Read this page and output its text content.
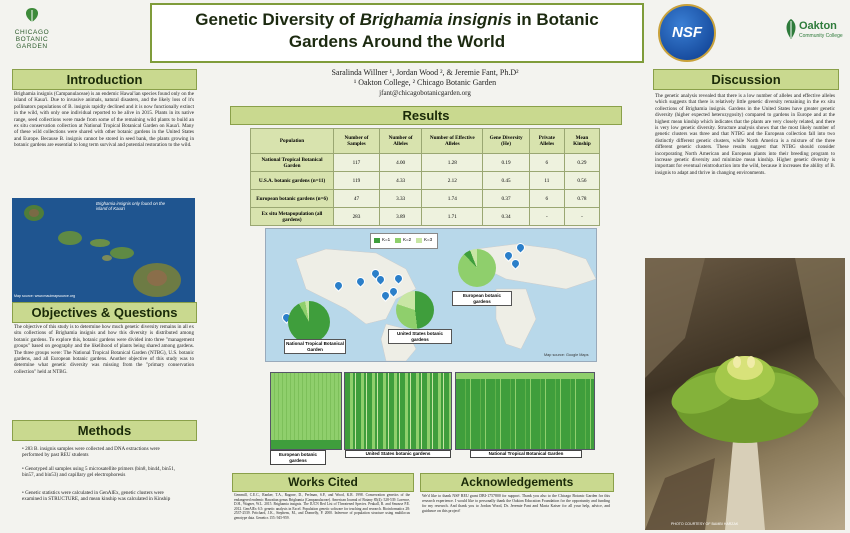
CHICAGO
BOTANIC
GARDEN
Genetic Diversity of Brighamia insignis in Botanic
Gardens Around the World	NSF	Oakton
Community College
Introduction
Brighamia insignis (Campanulaceae) is an endemic Hawai'ian species found only on the island of Kaua'i. Due to invasive animals, natural disasters, and the likely loss of it's pollinators populations of B. insignis rapidly declined and it is now functionally extinct in the wild, with only one individual reported to be alive in 2015. Plants in its native range, seed collections were made from some of the remaining wild plants to build an ex situ conservation collection at National Tropical Botanical Garden on Kaua'i. Many of these wild collections were shared with other botanic gardens in the United States and Europe. Because B. insignis cannot be stored in seed bank, the plants growing in botanic gardens are essential to long term survival and potential restoration to the wild.
Brighamia insignis only found on the island of Kaua'i
Map source: www.mauimapsource.org
Objectives & Questions
The objective of this study is to determine how much genetic diversity remains in all ex situ collections of Brighamia insignis and how this diversity is distributed among botanic gardens. To explore this, botanic gardens were divided into three "management groups" based on geography and the likelihood of plants being shared among gardens. The three groups were: The National Tropical Botanical Garden (NTBG), U.S. botanic gardens, and all European botanic gardens. Another objective of this study was to determine what genetic diversity was missing from the "primary conservation collection" held at NTBG.
Methods
• 283 B. insignis samples were collected and DNA extractions were performed by past REU students
• Genotyped all samples using 5 microsatellite primers (bin8, bin44, bin51, bin57, and bin53) and capillary gel electrophoresis
• Genetic statistics were calculated in GenAlEx, genetic clusters were examined in STRUCTURE, and mean kinship was calculated in Kinship
Saralinda Willner ¹, Jordan Wood ², & Jeremie Fant, Ph.D²
¹ Oakton College, ² Chicago Botanic Garden
jfant@chicagobotanicgarden.org
Results
Population	Number of Samples	Number of Alleles	Number of Effective Alleles	Gene Diversity (He)	Private Alleles	Mean Kinship
National Tropical Botanical Garden	117	4.00	1.28	0.19	6	0.29
U.S.A. botanic gardens (n=11)	119	4.33	2.12	0.45	11	0.56
European botanic gardens (n=6)	47	3.33	1.74	0.37	6	0.78
Ex situ Metapopulation (all gardens)	283	3.89	1.71	0.34	-	-
K=1	K=2	K=3
National Tropical Botanical Garden
United States botanic gardens
European botanic gardens
Map source: Google Maps
European botanic gardens
United States botanic gardens	National Tropical Botanical Garden
Works Cited
Gemmill, C.E.C., Ranker, T.A., Ragone, D., Perlman, S.P., and Wood, K.R. 1998. Conservation genetics of the endangered endemic Hawaiian genus Brighamia (Campanulaceae). American Journal of Botany 85(4): 528-539. Lorence, D.H., Wagner, W.L. 2015. Brighamia insignis. The IUCN Red List of Threatened Species. Peakall, R. and Smouse P.E. 2012. GenAlEx 6.5: genetic analysis in Excel. Population genetic software for teaching and research. Bioinformatics 28: 2537-2539. Pritchard, J.K., Stephens, M., and Donnelly, P. 2000. Inference of population structure using multilocus genotype data. Genetics 155: 945-959.
Acknowledgements
We'd like to thank NSF REU grant DBI-1757800 for support. Thank you also to the Chicago Botanic Garden for this research experience. I would like to personally thank the Oakton Education Foundation for the opportunity and funding for my research. And thank you to Jordan Wood, Dr. Jeremie Fant and Maria Kaiser for all your help, advice, and guidance on this project!
Discussion
The genetic analysis revealed that there is a low number of alleles and effective alleles which suggests that there is relatively little genetic diversity remaining in the ex situ collections of Brighamia insignis. Gardens in the United States have greater genetic diversity (higher expected heterozygosity) compared to gardens in Europe and at the highest mean kinship which indicates that the plants are very closely related, and there is very low genetic diversity. Structure analysis shows that the most likely number of genetic clusters was three and that NTBG and the European collection fall into two distinctly different genetic clusters, while North America is a mixture of the three different genetic clusters. These results suggest that NTBG should consider incorporating North American and European plants into their breeding program to increase genetic diversity and minimize mean kinship. Higher genetic diversity is important for eventual reintroduction into the wild, because it increases the ability of B. insignis to adapt and thrive in changing environments.
PHOTO COURTESY OF BAMBI HARZAK
